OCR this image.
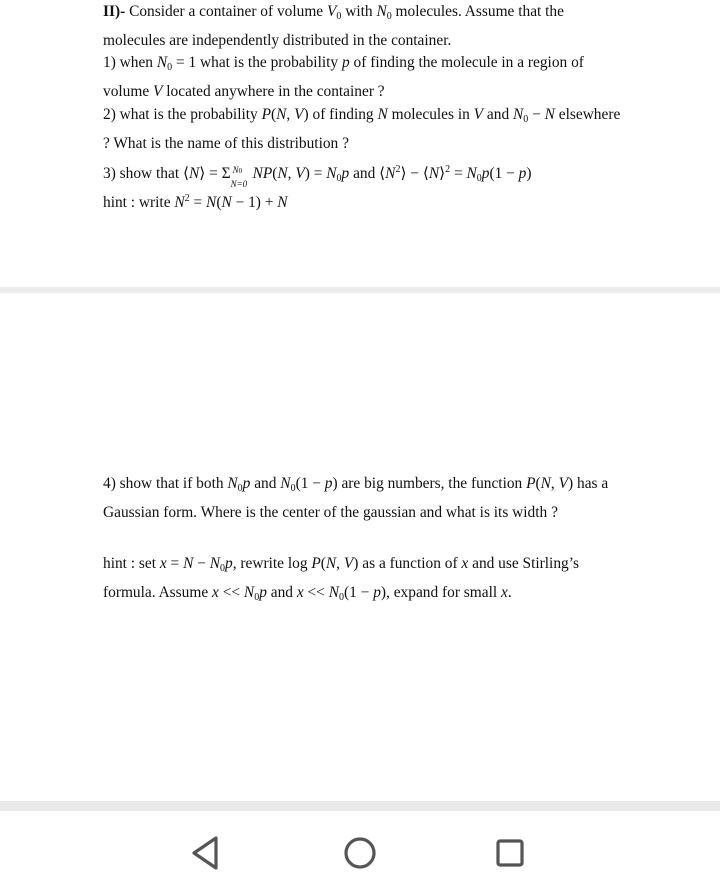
II)- Consider a container of volume $V_0$ with $N_0$ molecules. Assume that the molecules are independently distributed in the container.

1) when $N_0 = 1$ what is the probability p of finding the molecule in a region of volume V located anywhere in the container ?

2) what is the probability P(N, V) of finding N molecules in V and $N_0 - N$ elsewhere ? What is the name of this distribution ?

3) show that ⟨N⟩ = Σ N0
N=0
NP(N, $V) = N_0p$ and $⟨N^2⟩$ − ⟨N⟩$^2$ = $N_0p(1 - p)$

hint : write $N^2 = N(N - 1) + N$

4) show that if both $N_0p$ and $N_0(1 - p)$ are big numbers, the function P(N, V) has a Gaussian form. Where is the center of the gaussian and what is its width ?

hint : set $x = N - N_0p$, rewrite log P(N, V) as a function of x and use Stirling’s formula. Assume $x << N_0p$ and $x << N_0(1 - p)$, expand for small x.
